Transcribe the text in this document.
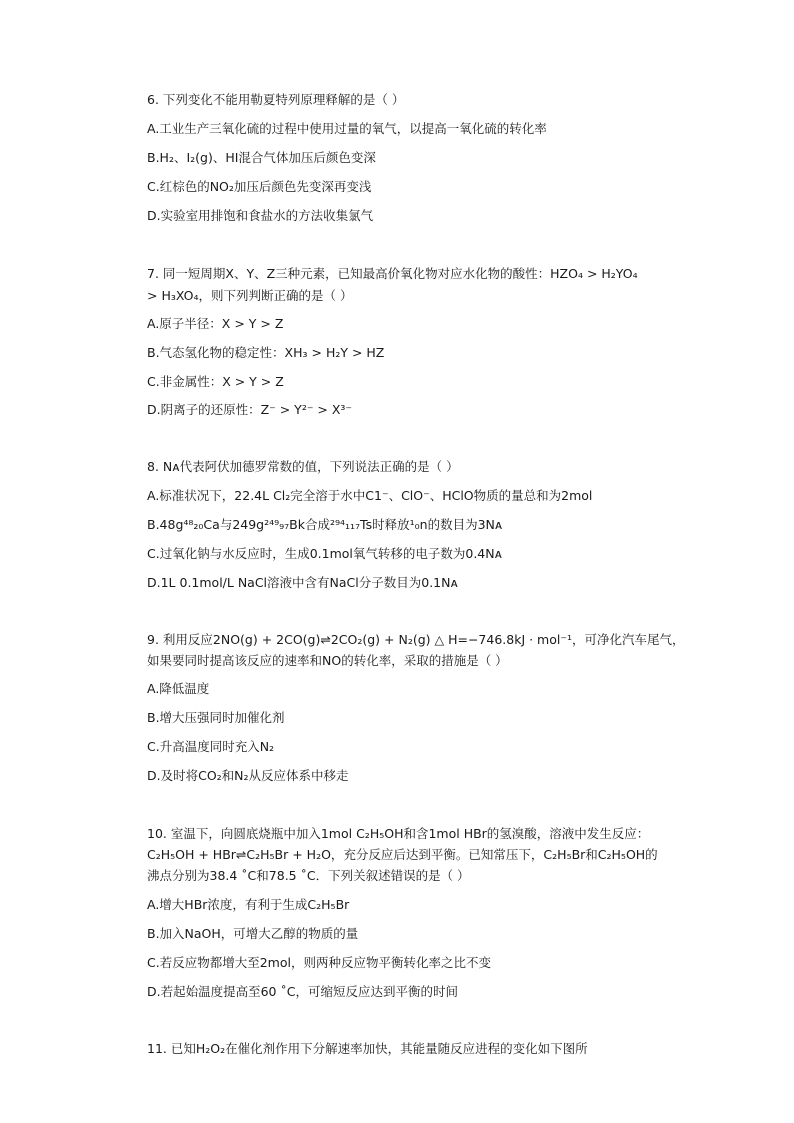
6. 下列变化不能用勒夏特列原理释解的是（ ）
A.工业生产三氧化硫的过程中使用过量的氧气，以提高一氧化硫的转化率
B.H₂、I₂(g)、HI混合气体加压后颜色变深
C.红棕色的NO₂加压后颜色先变深再变浅
D.实验室用排饱和食盐水的方法收集氯气
7. 同一短周期X、Y、Z三种元素，已知最高价氧化物对应水化物的酸性：HZO₄ > H₂YO₄
> H₃XO₄，则下列判断正确的是（ ）
A.原子半径：X > Y > Z
B.气态氢化物的稳定性：XH₃ > H₂Y > HZ
C.非金属性：X > Y > Z
D.阴离子的还原性：Z⁻ > Y²⁻ > X³⁻
8. Nᴀ代表阿伏加德罗常数的值，下列说法正确的是（ ）
A.标准状况下，22.4L Cl₂完全溶于水中C1⁻、ClO⁻、HClO物质的量总和为2mol
B.48g⁴⁸₂₀Ca与249g²⁴⁹₉₇Bk合成²⁹⁴₁₁₇Ts时释放¹₀n的数目为3Nᴀ
C.过氧化钠与水反应时，生成0.1mol氧气转移的电子数为0.4Nᴀ
D.1L 0.1mol/L NaCl溶液中含有NaCl分子数目为0.1Nᴀ
9. 利用反应2NO(g) + 2CO(g)⇌2CO₂(g) + N₂(g) △ H=−746.8kJ · mol⁻¹，可净化汽车尾气，
如果要同时提高该反应的速率和NO的转化率，采取的措施是（ ）
A.降低温度
B.增大压强同时加催化剂
C.升高温度同时充入N₂
D.及时将CO₂和N₂从反应体系中移走
10. 室温下，向圆底烧瓶中加入1mol C₂H₅OH和含1mol HBr的氢溴酸，溶液中发生反应：
C₂H₅OH + HBr⇌C₂H₅Br + H₂O，充分反应后达到平衡。已知常压下，C₂H₅Br和C₂H₅OH的
沸点分别为38.4 ˚C和78.5 ˚C．下列关叙述错误的是（ ）
A.增大HBr浓度，有利于生成C₂H₅Br
B.加入NaOH，可增大乙醇的物质的量
C.若反应物都增大至2mol，则两种反应物平衡转化率之比不变
D.若起始温度提高至60 ˚C，可缩短反应达到平衡的时间
11. 已知H₂O₂在催化剂作用下分解速率加快，其能量随反应进程的变化如下图所
